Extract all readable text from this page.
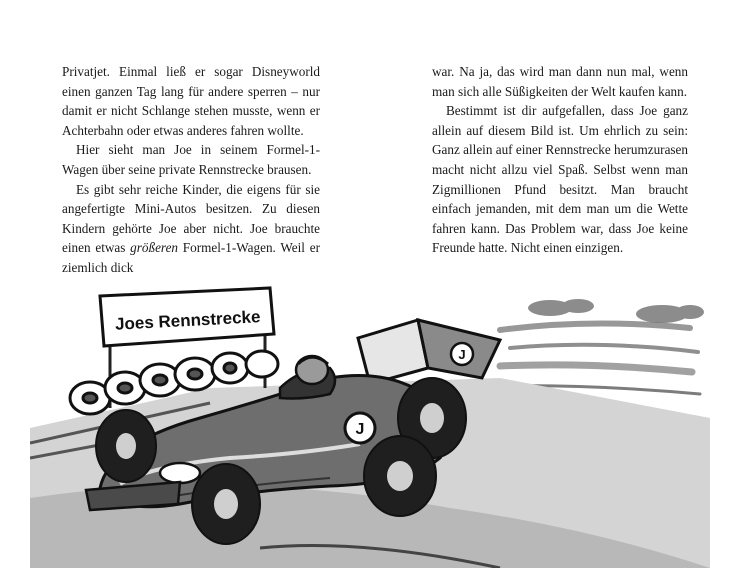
Privatjet. Einmal ließ er sogar Disneyworld einen ganzen Tag lang für andere sperren – nur damit er nicht Schlange stehen musste, wenn er Achterbahn oder etwas anderes fahren wollte.

Hier sieht man Joe in seinem Formel-1-Wagen über seine private Rennstrecke brausen.

Es gibt sehr reiche Kinder, die eigens für sie angefertigte Mini-Autos besitzen. Zu diesen Kindern gehörte Joe aber nicht. Joe brauchte einen etwas größeren Formel-1-Wagen. Weil er ziemlich dick

war. Na ja, das wird man dann nun mal, wenn man sich alle Süßigkeiten der Welt kaufen kann.

Bestimmt ist dir aufgefallen, dass Joe ganz allein auf diesem Bild ist. Um ehrlich zu sein: Ganz allein auf einer Rennstrecke herumzurasen macht nicht allzu viel Spaß. Selbst wenn man Zigmillionen Pfund besitzt. Man braucht einfach jemanden, mit dem man um die Wette fahren kann. Das Problem war, dass Joe keine Freunde hatte. Nicht einen einzigen.

Joes Rennstrecke
J
J
